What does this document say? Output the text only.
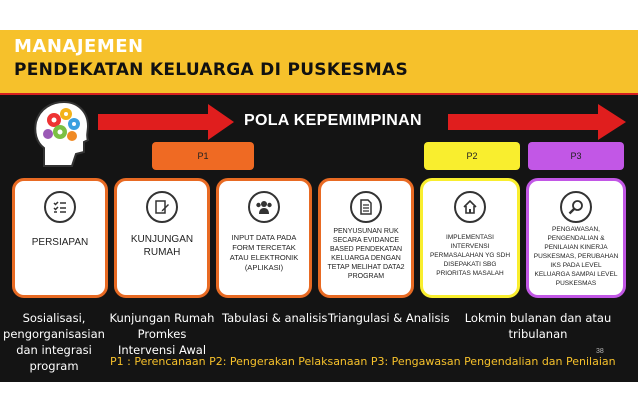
MANAJEMEN
PENDEKATAN KELUARGA DI PUSKESMAS
POLA KEPEMIMPINAN
P1	P2	P3
PERSIAPAN	KUNJUNGAN RUMAH
INPUT DATA PADA FORM TERCETAK ATAU ELEKTRONIK (APLIKASI)
PENYUSUNAN RUK SECARA EVIDANCE BASED PENDEKATAN KELUARGA DENGAN TETAP MELIHAT DATA2 PROGRAM
IMPLEMENTASI INTERVENSI PERMASALAHAN YG SDH DISEPAKATI SBG PRIORITAS MASALAH
PENGAWASAN, PENGENDALIAN & PENILAIAN KINERJA PUSKESMAS, PERUBAHAN IKS PADA LEVEL KELUARGA SAMPAI LEVEL PUSKESMAS
Sosialisasi, pengorganisasian dan integrasi program
Kunjungan Rumah Promkes Intervensi Awal
Tabulasi & analisis Triangulasi & Analisis	Lokmin bulanan dan atau tribulanan
P1 : Perencanaan P2: Pengerakan Pelaksanaan P3: Pengawasan Pengendalian dan Penilaian
38
